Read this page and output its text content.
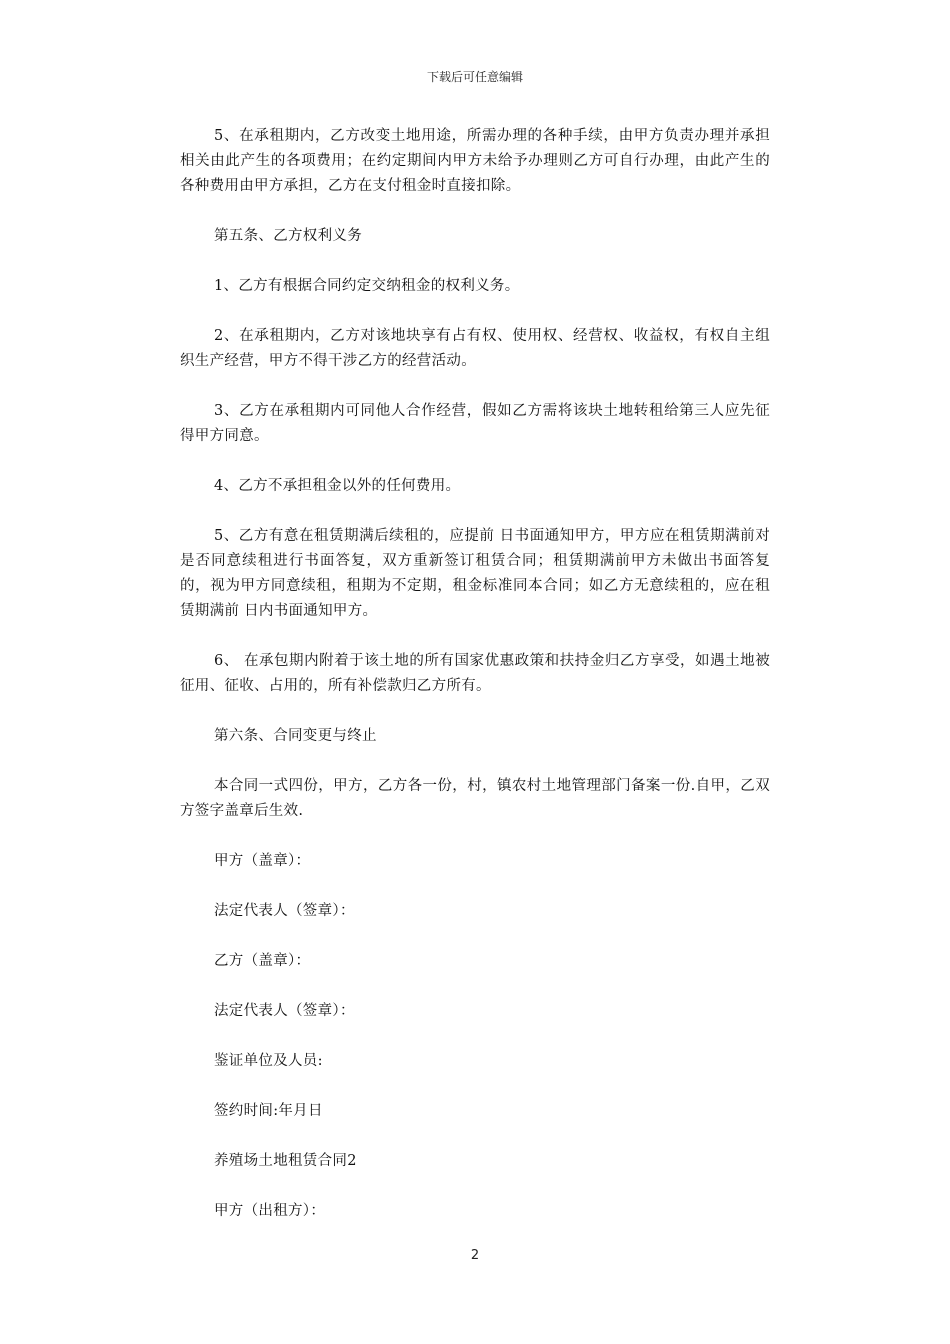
下载后可任意编辑

5、在承租期内，乙方改变土地用途，所需办理的各种手续，由甲方负责办理并承担相关由此产生的各项费用；在约定期间内甲方未给予办理则乙方可自行办理，由此产生的各种费用由甲方承担，乙方在支付租金时直接扣除。

第五条、乙方权利义务

1、乙方有根据合同约定交纳租金的权利义务。

2、在承租期内，乙方对该地块享有占有权、使用权、经营权、收益权，有权自主组织生产经营，甲方不得干涉乙方的经营活动。

3、乙方在承租期内可同他人合作经营，假如乙方需将该块土地转租给第三人应先征得甲方同意。

4、乙方不承担租金以外的任何费用。

5、乙方有意在租赁期满后续租的，应提前 日书面通知甲方，甲方应在租赁期满前对是否同意续租进行书面答复，双方重新签订租赁合同；租赁期满前甲方未做出书面答复的，视为甲方同意续租，租期为不定期，租金标准同本合同；如乙方无意续租的，应在租赁期满前 日内书面通知甲方。

6、 在承包期内附着于该土地的所有国家优惠政策和扶持金归乙方享受，如遇土地被征用、征收、占用的，所有补偿款归乙方所有。

第六条、合同变更与终止

本合同一式四份，甲方，乙方各一份，村，镇农村土地管理部门备案一份.自甲，乙双方签字盖章后生效.

甲方（盖章）：

法定代表人（签章）：

乙方（盖章）：

法定代表人（签章）：

鉴证单位及人员:

签约时间:年月日

养殖场土地租赁合同2

甲方（出租方）：

2
